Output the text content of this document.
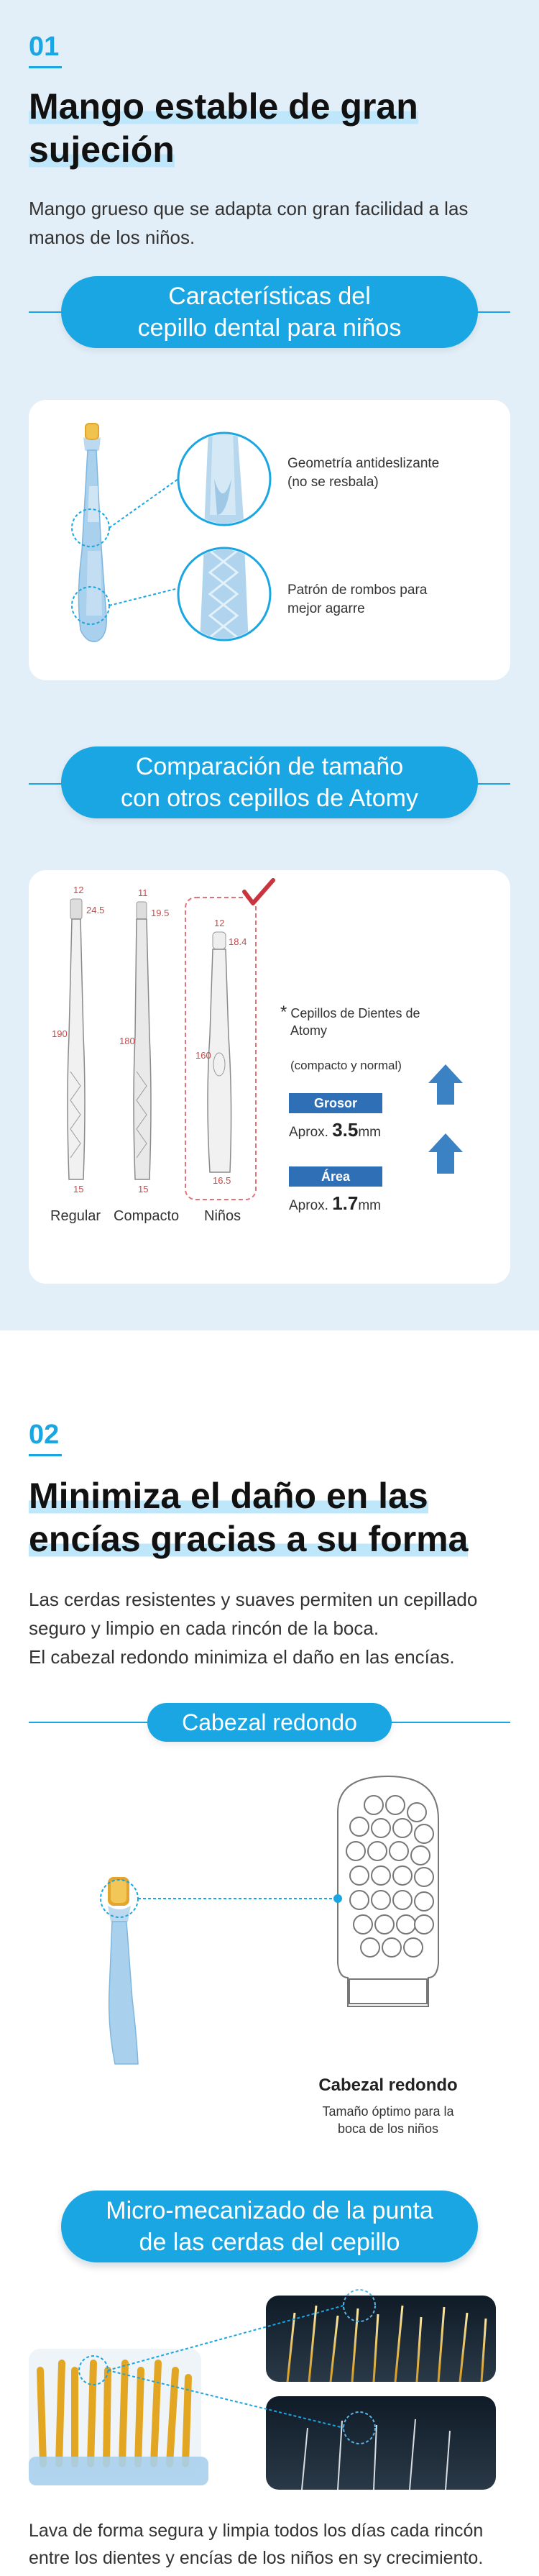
01
Mango estable de gran
sujeción
Mango grueso que se adapta con gran facilidad a las
manos de los niños.
Características del
cepillo dental para niños
Geometría antideslizante
(no se resbala)
Patrón de rombos para
mejor agarre
Comparación de tamaño
con otros cepillos de Atomy
12
24.5
190
15
11
19.5
180
15
12
18.4
160
16.5
Regular Compacto Niños
* Cepillos de Dientes de
Atomy
(compacto y normal)
Grosor
Aprox. 3.5mm
Área
Aprox. 1.7mm
02
Minimiza el daño en las
encías gracias a su forma
Las cerdas resistentes y suaves permiten un cepillado
seguro y limpio en cada rincón de la boca.
El cabezal redondo minimiza el daño en las encías.
Cabezal redondo
Cabezal redondo
Tamaño óptimo para la
boca de los niños
Micro-mecanizado de la punta
de las cerdas del cepillo
Lava de forma segura y limpia todos los días cada rincón
entre los dientes y encías de los niños en sy crecimiento.
